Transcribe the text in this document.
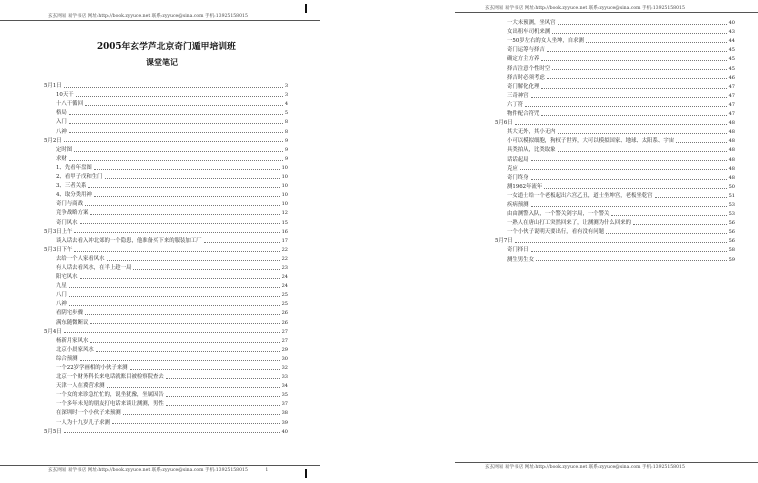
玄玄网易 易学书店 网址:http://book.zyyuce.net 联系:zyyuce@sina.com 手机:13925158015
2005年玄学芦北京奇门遁甲培训班
课堂笔记
5月1日	3
10天干	3
十八干循回	4
格局	5
入门	8
八神	8
5月2日	9
定时图	9
求财	9
1、先看年盘图	10
2、看甲子戊和生门	10
3、三者关系	10
4、取分类用神	10
奇门与商战	10
竞争战略方案	12
奇门风水	15
5月3日上午	16
谈入话去看入冲北郊的一个隐患，他准备买下来的服装加工厂	17
5月3日下午	22
去给一个人家看风水	22
有人话去看风水，在半上趁一局	23
阳宅风水	24
九星	24
八门	25
八神	25
看阴宅步骤	26
满东随微断议	26
5月4日	27
杨新月家风水	27
北京小晨家风水	29
综合预测	30
一个22岁学画相的小伙子来测	32
北京一个财务科长来电话就账目被检察院查去	33
天津一人在冀营求测	34
一个女的来诊急忙忙的，说坐犹豫，坐属因告	35
一个多年未见的朋友打电话来谈让测测，男性	37
在深圳时一个小伙子来预测	38
一人为十九岁儿子求测	39
5月5日	40
玄玄网易 易学书店 网址:http://book.zyyuce.net 联系:zyyuce@sina.com 手机:13925158015	1
玄玄网易 易学书店 网址:http://book.zyyuce.net 联系:zyyuce@sina.com 手机:13925158015
一大未预测，坐风宫	40
女出租车司机来测	43
一50岁左右的女人坐坤，自求测	44
奇门运筹与择吉	45
确定方主方养	45
择吉注意个性时空	45
择吉时必须考虑	46
奇门解化化理	47
三奇神宫	47
六丁符	47
物件配合符咒	47
5月6日	48
其大无外，其小无内	48
小可以模拟细胞，狗权子世界，大可以模拟国家、地球、太阳系、宇宙	48
具类拍从，比类取象	48
话话起局	48
克应	48
奇门终身	48
测1962年流年	50
一女道士给一个老板起出六宫乙丑，道士坐坤宫，老板坐乾宫	51
疾病预测	53
由由测警入队，一个警关剑字局，一个警关	53
一熟人在唐山打工突然回来了，让测测为什么回来的	56
一个小伙子说明天要出行，看有没有问题	56
5月7日	56
奇门择日	58
测生男生女	59
玄玄网易 易学书店 网址:http://book.zyyuce.net 联系:zyyuce@sina.com 手机:13925158015
